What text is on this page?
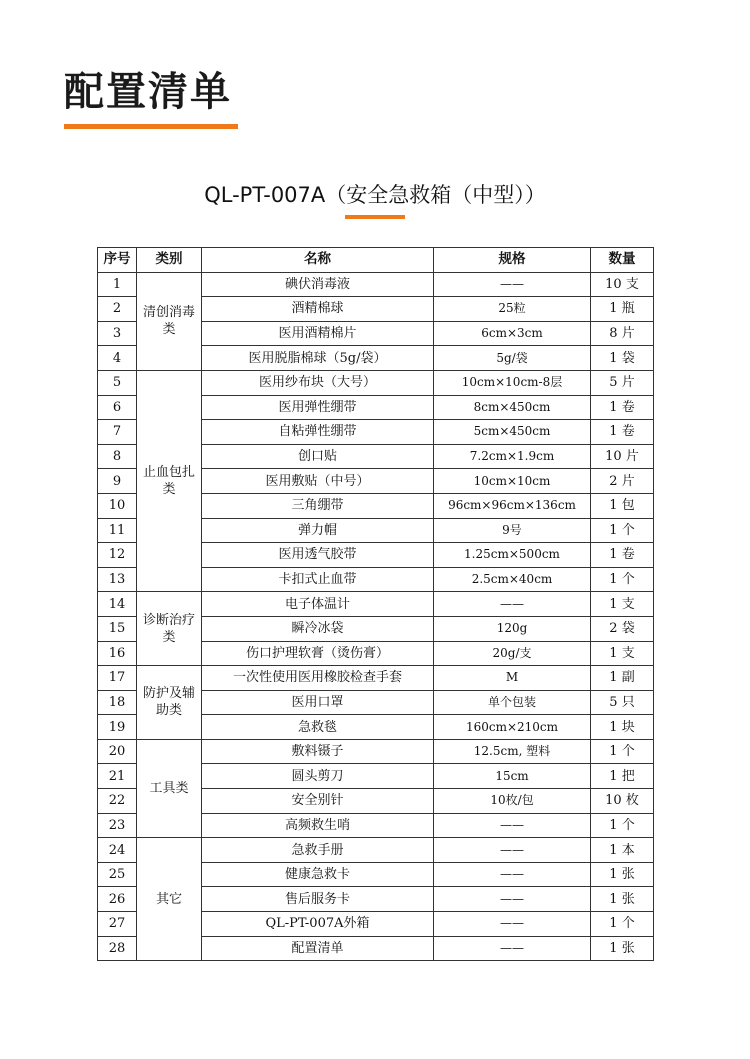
配置清单
QL-PT-007A（安全急救箱（中型））
序号	类别	名称	规格	数量
1	清创消毒类	碘伏消毒液	——	10 支
2		酒精棉球	25粒	1 瓶
3		医用酒精棉片	6cm×3cm	8 片
4		医用脱脂棉球（5g/袋）	5g/袋	1 袋
5	止血包扎类	医用纱布块（大号）	10cm×10cm-8层	5 片
6		医用弹性绷带	8cm×450cm	1 卷
7		自粘弹性绷带	5cm×450cm	1 卷
8		创口贴	7.2cm×1.9cm	10 片
9		医用敷贴（中号）	10cm×10cm	2 片
10		三角绷带	96cm×96cm×136cm	1 包
11		弹力帽	9号	1 个
12		医用透气胶带	1.25cm×500cm	1 卷
13		卡扣式止血带	2.5cm×40cm	1 个
14	诊断治疗类	电子体温计	——	1 支
15		瞬冷冰袋	120g	2 袋
16		伤口护理软膏（烫伤膏）	20g/支	1 支
17	防护及辅助类	一次性使用医用橡胶检查手套	M	1 副
18		医用口罩	单个包装	5 只
19		急救毯	160cm×210cm	1 块
20	工具类	敷料镊子	12.5cm, 塑料	1 个
21		圆头剪刀	15cm	1 把
22		安全别针	10枚/包	10 枚
23		高频救生哨	——	1 个
24	其它	急救手册	——	1 本
25		健康急救卡	——	1 张
26		售后服务卡	——	1 张
27		QL-PT-007A外箱	——	1 个
28		配置清单	——	1 张
